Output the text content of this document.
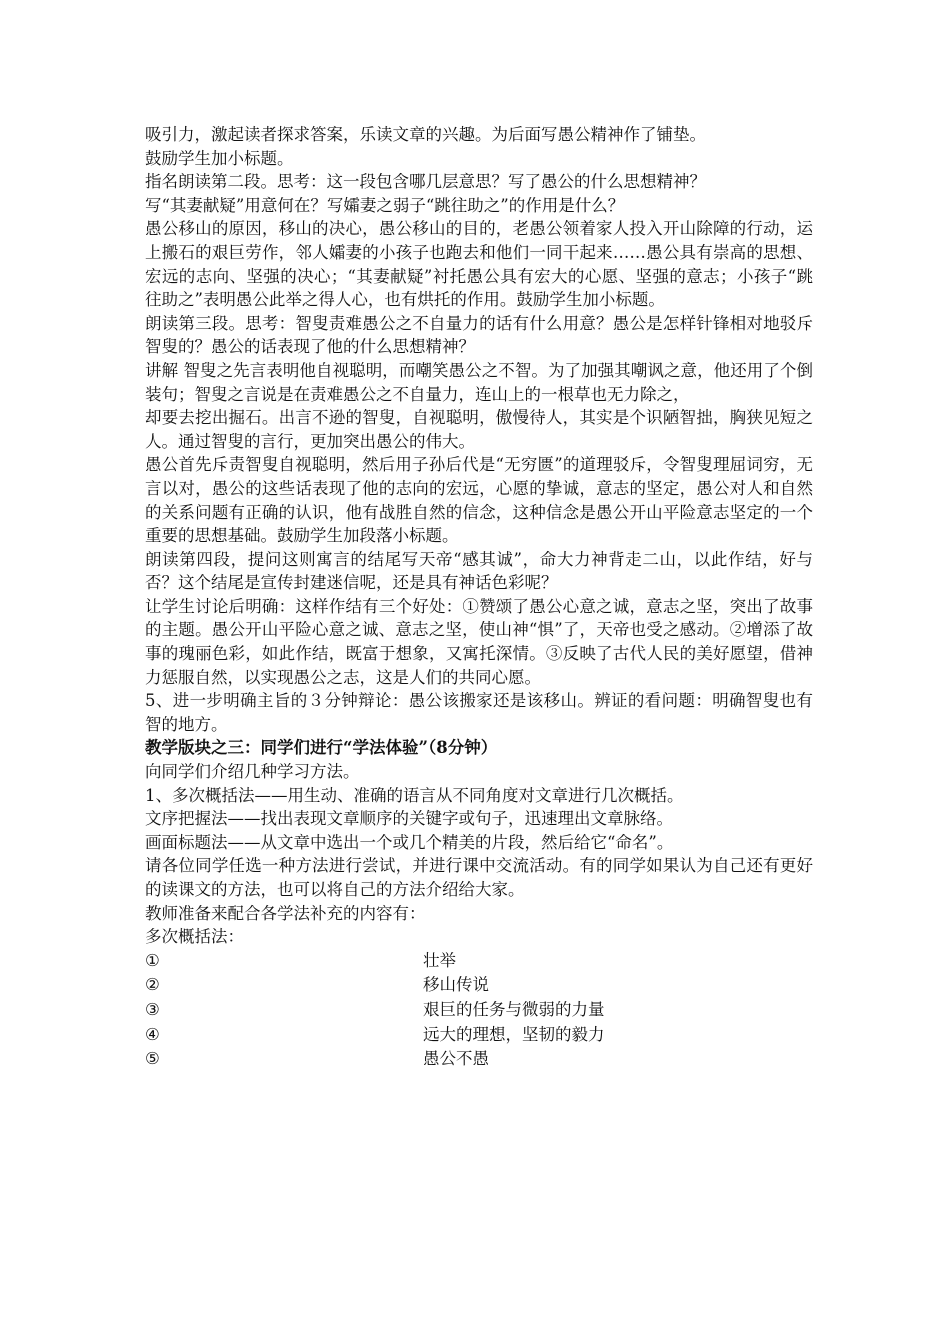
吸引力，激起读者探求答案，乐读文章的兴趣。为后面写愚公精神作了铺垫。

鼓励学生加小标题。

指名朗读第二段。思考：这一段包含哪几层意思？写了愚公的什么思想精神？

写“其妻献疑”用意何在？写孀妻之弱子“跳往助之”的作用是什么？

愚公移山的原因，移山的决心，愚公移山的目的，老愚公领着家人投入开山除障的行动，运上搬石的艰巨劳作，邻人孀妻的小孩子也跑去和他们一同干起来……愚公具有崇高的思想、宏远的志向、坚强的决心；“其妻献疑”衬托愚公具有宏大的心愿、坚强的意志；小孩子“跳往助之”表明愚公此举之得人心，也有烘托的作用。鼓励学生加小标题。

朗读第三段。思考：智叟责难愚公之不自量力的话有什么用意？愚公是怎样针锋相对地驳斥智叟的？愚公的话表现了他的什么思想精神？

讲解 智叟之先言表明他自视聪明，而嘲笑愚公之不智。为了加强其嘲讽之意，他还用了个倒装句；智叟之言说是在责难愚公之不自量力，连山上的一根草也无力除之，

却要去挖出掘石。出言不逊的智叟，自视聪明，傲慢待人，其实是个识陋智拙，胸狭见短之人。通过智叟的言行，更加突出愚公的伟大。

愚公首先斥责智叟自视聪明，然后用子孙后代是“无穷匮”的道理驳斥，令智叟理屈词穷，无言以对，愚公的这些话表现了他的志向的宏远，心愿的挚诚，意志的坚定，愚公对人和自然的关系问题有正确的认识，他有战胜自然的信念，这种信念是愚公开山平险意志坚定的一个重要的思想基础。鼓励学生加段落小标题。

朗读第四段，提问这则寓言的结尾写天帝“感其诚”，命大力神背走二山，以此作结，好与否？这个结尾是宣传封建迷信呢，还是具有神话色彩呢？

让学生讨论后明确：这样作结有三个好处：①赞颂了愚公心意之诚，意志之坚，突出了故事的主题。愚公开山平险心意之诚、意志之坚，使山神“惧”了，天帝也受之感动。②增添了故事的瑰丽色彩，如此作结，既富于想象，又寓托深情。③反映了古代人民的美好愿望，借神力惩服自然，以实现愚公之志，这是人们的共同心愿。

5、进一步明确主旨的３分钟辩论：愚公该搬家还是该移山。辨证的看问题：明确智叟也有智的地方。

教学版块之三：同学们进行“学法体验”（8分钟）

向同学们介绍几种学习方法。

1、多次概括法——用生动、准确的语言从不同角度对文章进行几次概括。

文序把握法——找出表现文章顺序的关键字或句子，迅速理出文章脉络。

画面标题法——从文章中选出一个或几个精美的片段，然后给它“命名”。

请各位同学任选一种方法进行尝试，并进行课中交流活动。有的同学如果认为自己还有更好的读课文的方法，也可以将自己的方法介绍给大家。

教师准备来配合各学法补充的内容有：

多次概括法：

①	壮举
②	移山传说
③	艰巨的任务与微弱的力量
④	远大的理想，坚韧的毅力
⑤	愚公不愚
